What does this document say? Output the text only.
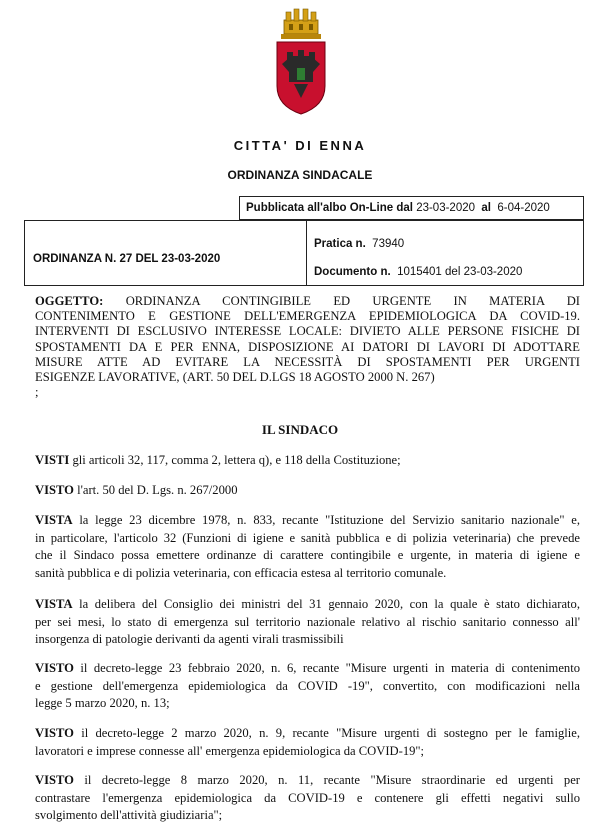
CITTA' DI ENNA
ORDINANZA SINDACALE
Pubblicata all'albo On-Line dal 23-03-2020 al 6-04-2020
ORDINANZA N. 27 DEL 23-03-2020
Pratica n. 73940
Documento n. 1015401 del 23-03-2020
OGGETTO: ORDINANZA CONTINGIBILE ED URGENTE IN MATERIA DI
CONTENIMENTO E GESTIONE DELL'EMERGENZA EPIDEMIOLOGICA DA COVID-19.
INTERVENTI DI ESCLUSIVO INTERESSE LOCALE: DIVIETO ALLE PERSONE FISICHE DI
SPOSTAMENTI DA E PER ENNA, DISPOSIZIONE AI DATORI DI LAVORI DI ADOTTARE
MISURE ATTE AD EVITARE LA NECESSITÀ DI SPOSTAMENTI PER URGENTI
ESIGENZE LAVORATIVE, (ART. 50 DEL D.LGS 18 AGOSTO 2000 N. 267)
;
IL SINDACO
VISTI gli articoli 32, 117, comma 2, lettera q), e 118 della Costituzione;
VISTO l'art. 50 del D. Lgs. n. 267/2000
VISTA la legge 23 dicembre 1978, n. 833, recante "Istituzione del Servizio sanitario nazionale" e,
in particolare, l'articolo 32 (Funzioni di igiene e sanità pubblica e di polizia veterinaria) che prevede
che il Sindaco possa emettere ordinanze di carattere contingibile e urgente, in materia di igiene e
sanità pubblica e di polizia veterinaria, con efficacia estesa al territorio comunale.
VISTA la delibera del Consiglio dei ministri del 31 gennaio 2020, con la quale è stato dichiarato,
per sei mesi, lo stato di emergenza sul territorio nazionale relativo al rischio sanitario connesso all'
insorgenza di patologie derivanti da agenti virali trasmissibili
VISTO il decreto-legge 23 febbraio 2020, n. 6, recante "Misure urgenti in materia di contenimento
e gestione dell'emergenza epidemiologica da COVID -19", convertito, con modificazioni nella
legge 5 marzo 2020, n. 13;
VISTO il decreto-legge 2 marzo 2020, n. 9, recante "Misure urgenti di sostegno per le famiglie,
lavoratori e imprese connesse all' emergenza epidemiologica da COVID-19";
VISTO il decreto-legge 8 marzo 2020, n. 11, recante "Misure straordinarie ed urgenti per
contrastare l'emergenza epidemiologica da COVID-19 e contenere gli effetti negativi sullo
svolgimento dell'attività giudiziaria";
